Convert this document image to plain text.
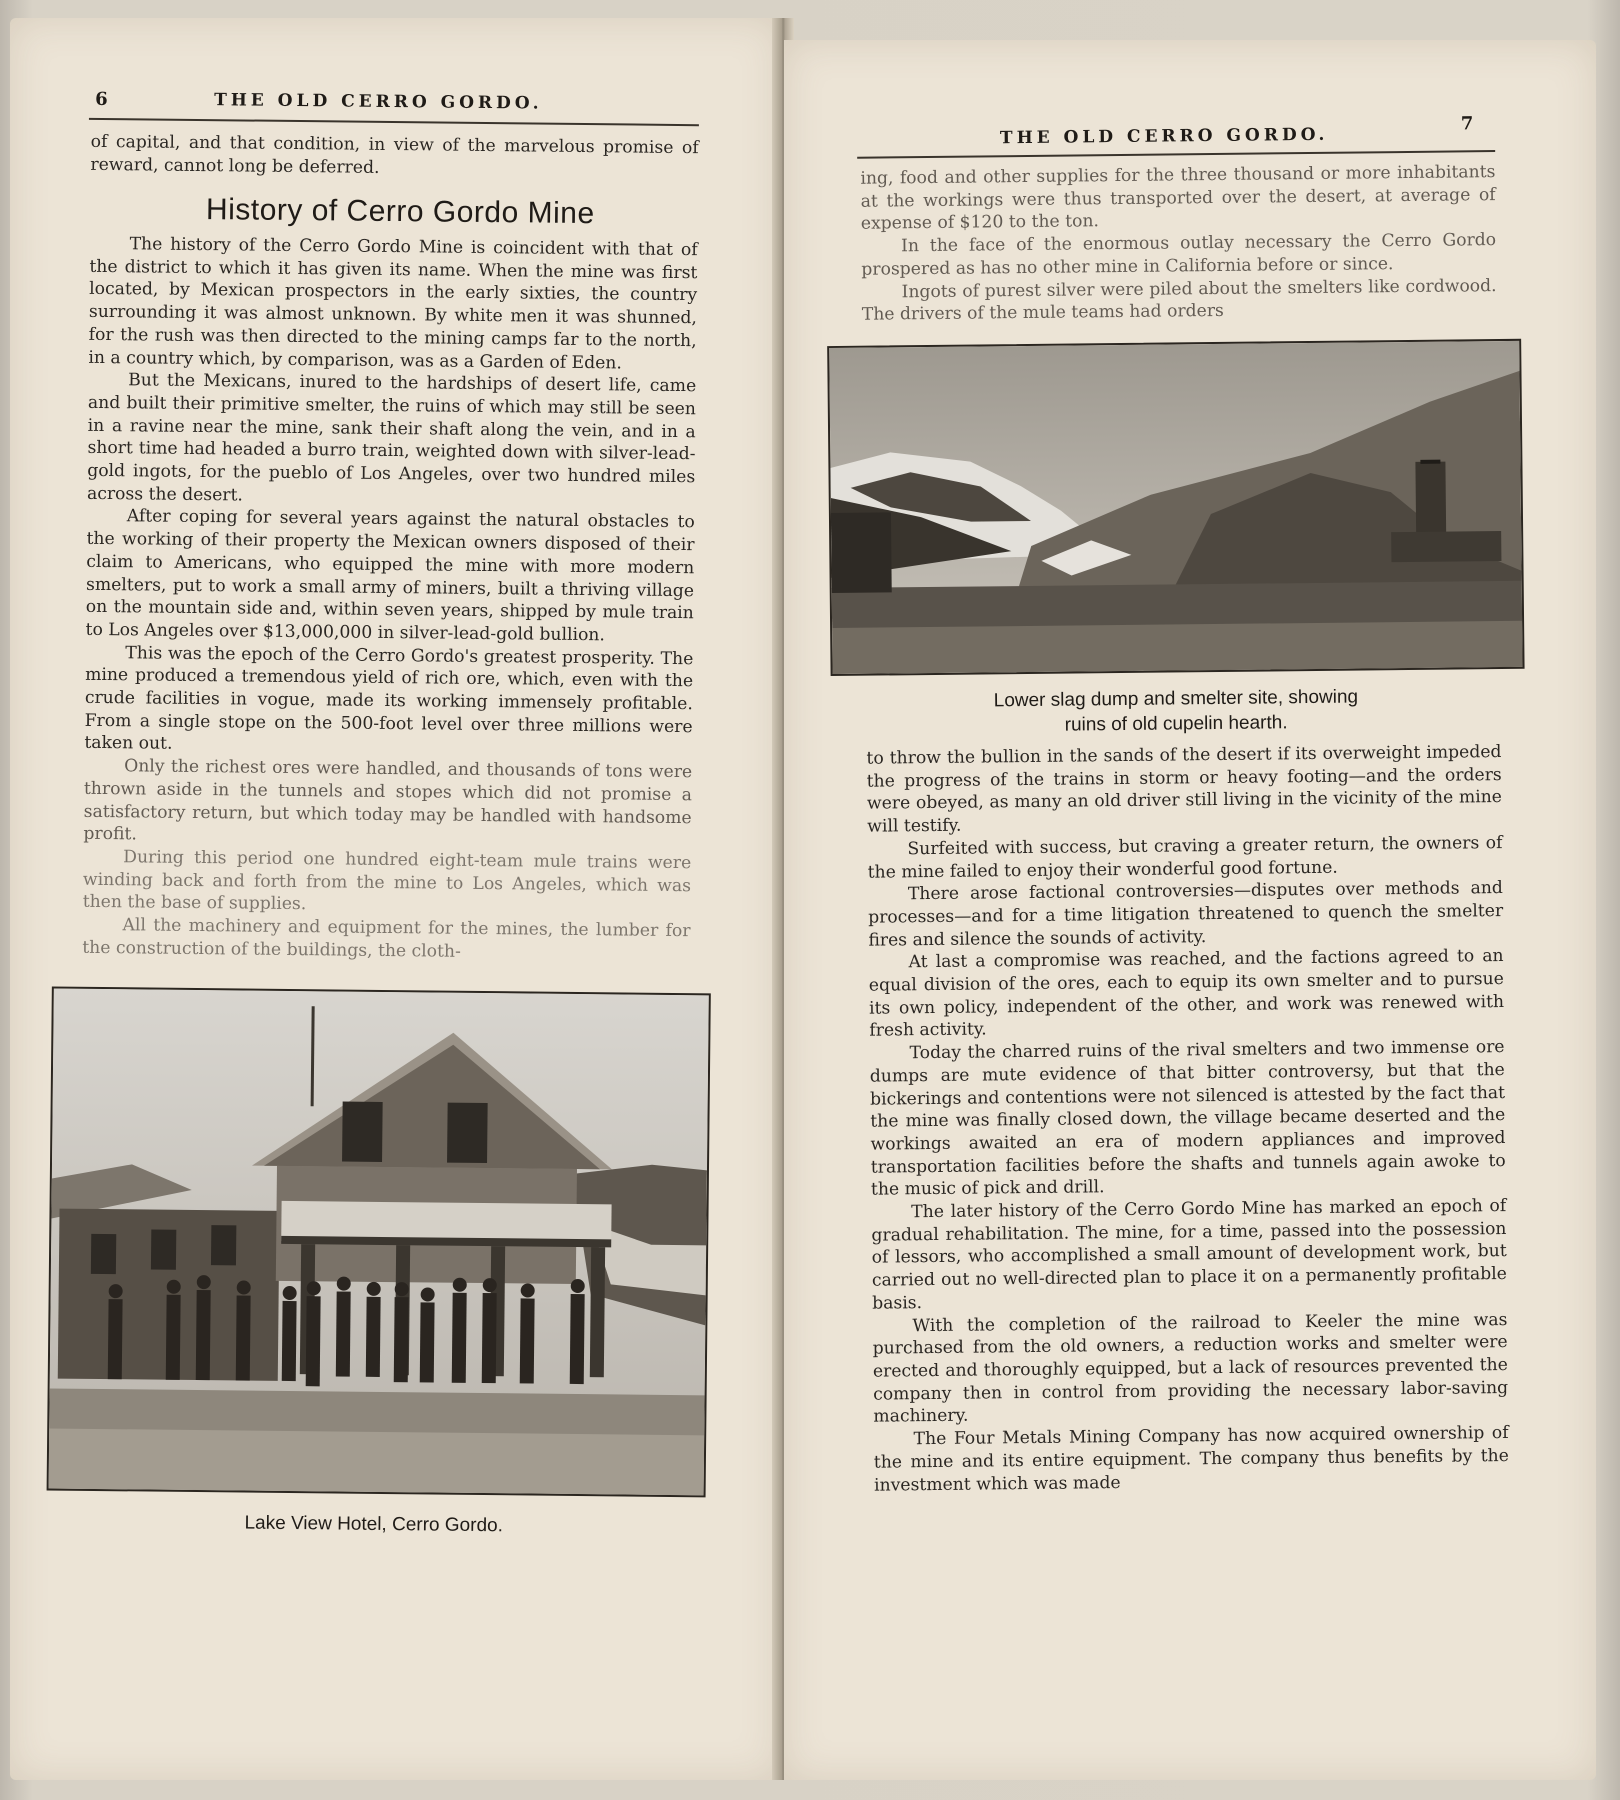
6	THE OLD CERRO GORDO.

of capital, and that condition, in view of the marvelous promise of reward, cannot long be deferred.

History of Cerro Gordo Mine

The history of the Cerro Gordo Mine is coincident with that of the district to which it has given its name. When the mine was first located, by Mexican prospectors in the early sixties, the country surrounding it was almost unknown. By white men it was shunned, for the rush was then directed to the mining camps far to the north, in a country which, by comparison, was as a Garden of Eden.

But the Mexicans, inured to the hardships of desert life, came and built their primitive smelter, the ruins of which may still be seen in a ravine near the mine, sank their shaft along the vein, and in a short time had headed a burro train, weighted down with silver-lead-gold ingots, for the pueblo of Los Angeles, over two hundred miles across the desert.

After coping for several years against the natural obstacles to the working of their property the Mexican owners disposed of their claim to Americans, who equipped the mine with more modern smelters, put to work a small army of miners, built a thriving village on the mountain side and, within seven years, shipped by mule train to Los Angeles over $13,000,000 in silver-lead-gold bullion.

This was the epoch of the Cerro Gordo's greatest prosperity. The mine produced a tremendous yield of rich ore, which, even with the crude facilities in vogue, made its working immensely profitable. From a single stope on the 500-foot level over three millions were taken out.

Only the richest ores were handled, and thousands of tons were thrown aside in the tunnels and stopes which did not promise a satisfactory return, but which today may be handled with handsome profit.

During this period one hundred eight-team mule trains were winding back and forth from the mine to Los Angeles, which was then the base of supplies.

All the machinery and equipment for the mines, the lumber for the construction of the buildings, the cloth-

Lake View Hotel, Cerro Gordo.
THE OLD CERRO GORDO.
7

ing, food and other supplies for the three thousand or more inhabitants at the workings were thus transported over the desert, at average of expense of $120 to the ton.

In the face of the enormous outlay necessary the Cerro Gordo prospered as has no other mine in California before or since.

Ingots of purest silver were piled about the smelters like cordwood. The drivers of the mule teams had orders

Lower slag dump and smelter site, showing
ruins of old cupelin hearth.

to throw the bullion in the sands of the desert if its overweight impeded the progress of the trains in storm or heavy footing—and the orders were obeyed, as many an old driver still living in the vicinity of the mine will testify.

Surfeited with success, but craving a greater return, the owners of the mine failed to enjoy their wonderful good fortune.

There arose factional controversies—disputes over methods and processes—and for a time litigation threatened to quench the smelter fires and silence the sounds of activity.

At last a compromise was reached, and the factions agreed to an equal division of the ores, each to equip its own smelter and to pursue its own policy, independent of the other, and work was renewed with fresh activity.

Today the charred ruins of the rival smelters and two immense ore dumps are mute evidence of that bitter controversy, but that the bickerings and contentions were not silenced is attested by the fact that the mine was finally closed down, the village became deserted and the workings awaited an era of modern appliances and improved transportation facilities before the shafts and tunnels again awoke to the music of pick and drill.

The later history of the Cerro Gordo Mine has marked an epoch of gradual rehabilitation. The mine, for a time, passed into the possession of lessors, who accomplished a small amount of development work, but carried out no well-directed plan to place it on a permanently profitable basis.

With the completion of the railroad to Keeler the mine was purchased from the old owners, a reduction works and smelter were erected and thoroughly equipped, but a lack of resources prevented the company then in control from providing the necessary labor-saving machinery.

The Four Metals Mining Company has now acquired ownership of the mine and its entire equipment. The company thus benefits by the investment which was made
